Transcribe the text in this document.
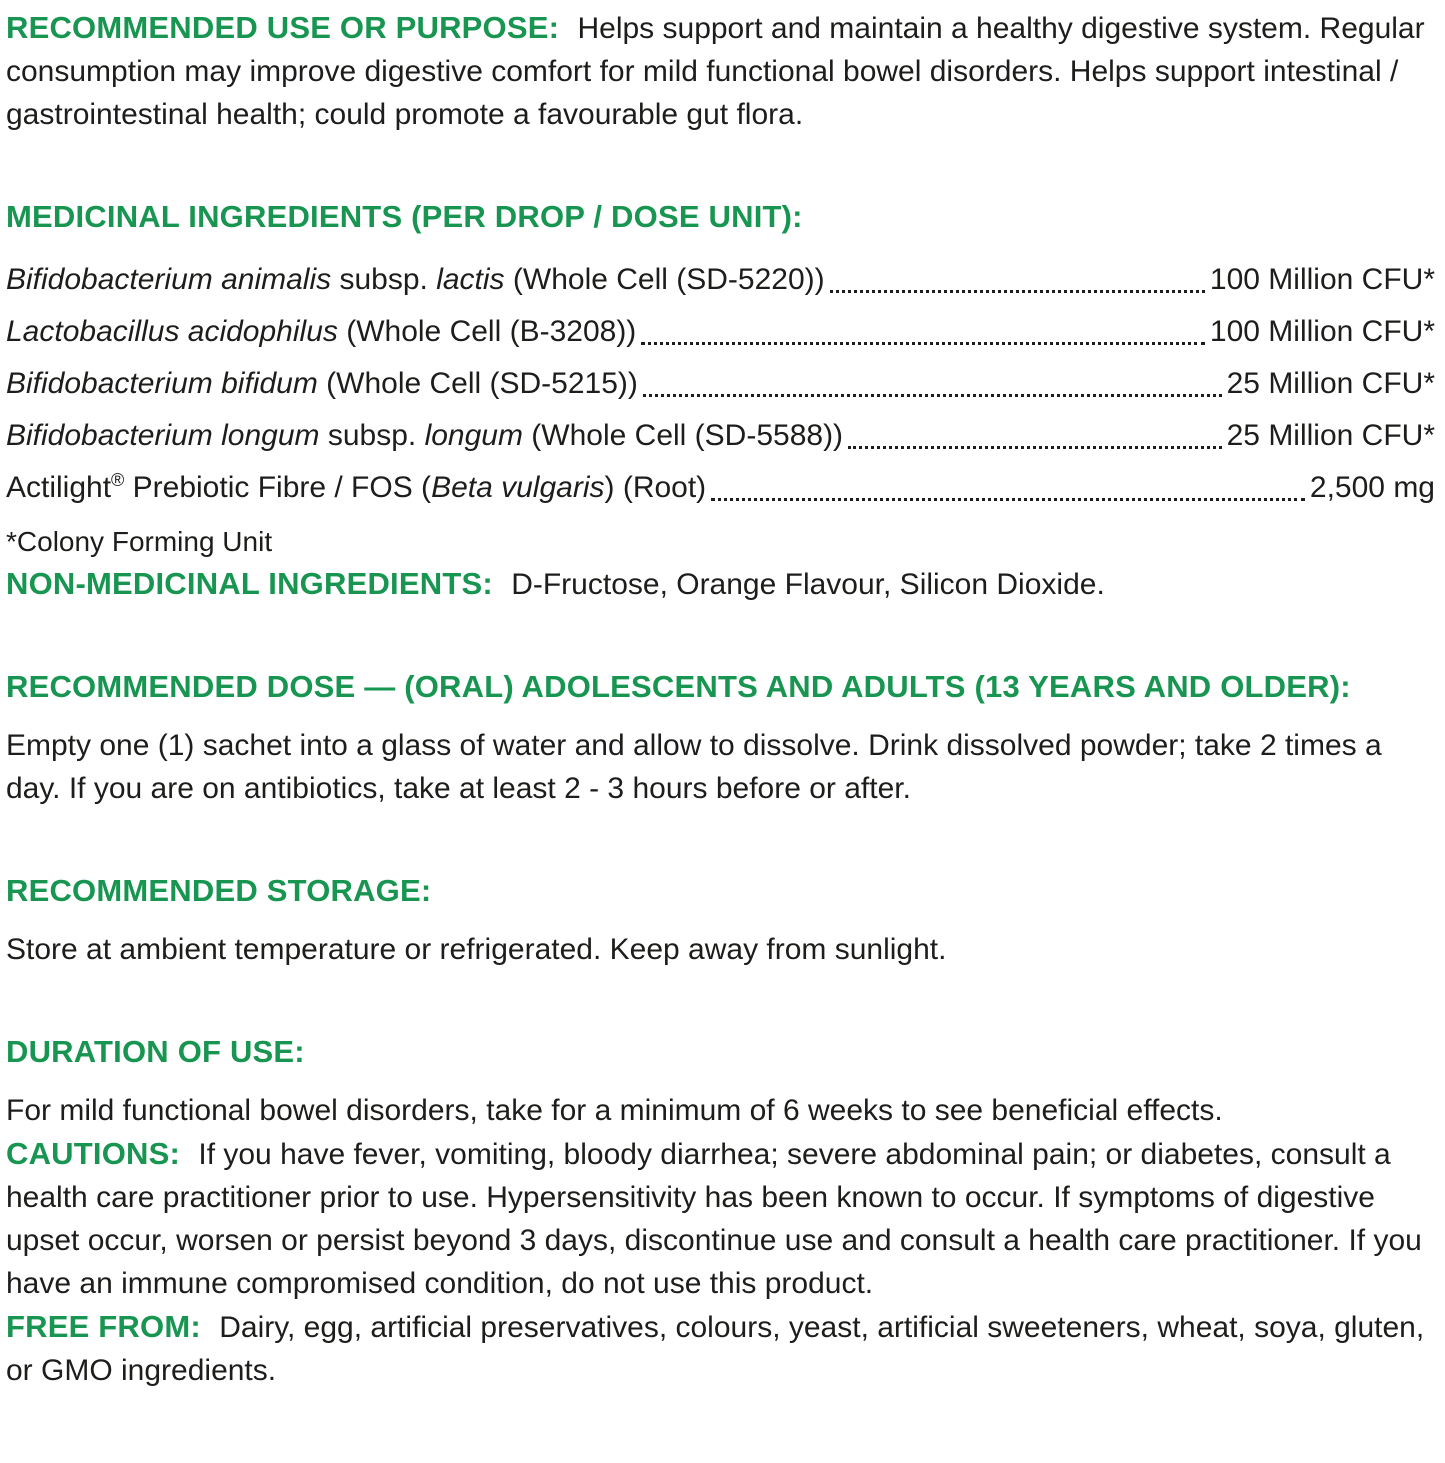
RECOMMENDED USE OR PURPOSE: Helps support and maintain a healthy digestive system. Regular consumption may improve digestive comfort for mild functional bowel disorders. Helps support intestinal / gastrointestinal health; could promote a favourable gut flora.

MEDICINAL INGREDIENTS (PER DROP / DOSE UNIT):
Bifidobacterium animalis subsp. lactis (Whole Cell (SD-5220))	100 Million CFU*
Lactobacillus acidophilus (Whole Cell (B-3208))	100 Million CFU*
Bifidobacterium bifidum (Whole Cell (SD-5215))	25 Million CFU*
Bifidobacterium longum subsp. longum (Whole Cell (SD-5588))	25 Million CFU*
Actilight® Prebiotic Fibre / FOS (Beta vulgaris) (Root)	2,500 mg

*Colony Forming Unit

NON-MEDICINAL INGREDIENTS: D-Fructose, Orange Flavour, Silicon Dioxide.

RECOMMENDED DOSE — (ORAL) ADOLESCENTS AND ADULTS (13 YEARS AND OLDER):

Empty one (1) sachet into a glass of water and allow to dissolve. Drink dissolved powder; take 2 times a day. If you are on antibiotics, take at least 2 - 3 hours before or after.

RECOMMENDED STORAGE:

Store at ambient temperature or refrigerated. Keep away from sunlight.

DURATION OF USE:

For mild functional bowel disorders, take for a minimum of 6 weeks to see beneficial effects.

CAUTIONS: If you have fever, vomiting, bloody diarrhea; severe abdominal pain; or diabetes, consult a health care practitioner prior to use. Hypersensitivity has been known to occur. If symptoms of digestive upset occur, worsen or persist beyond 3 days, discontinue use and consult a health care practitioner. If you have an immune compromised condition, do not use this product.

FREE FROM: Dairy, egg, artificial preservatives, colours, yeast, artificial sweeteners, wheat, soya, gluten, or GMO ingredients.
